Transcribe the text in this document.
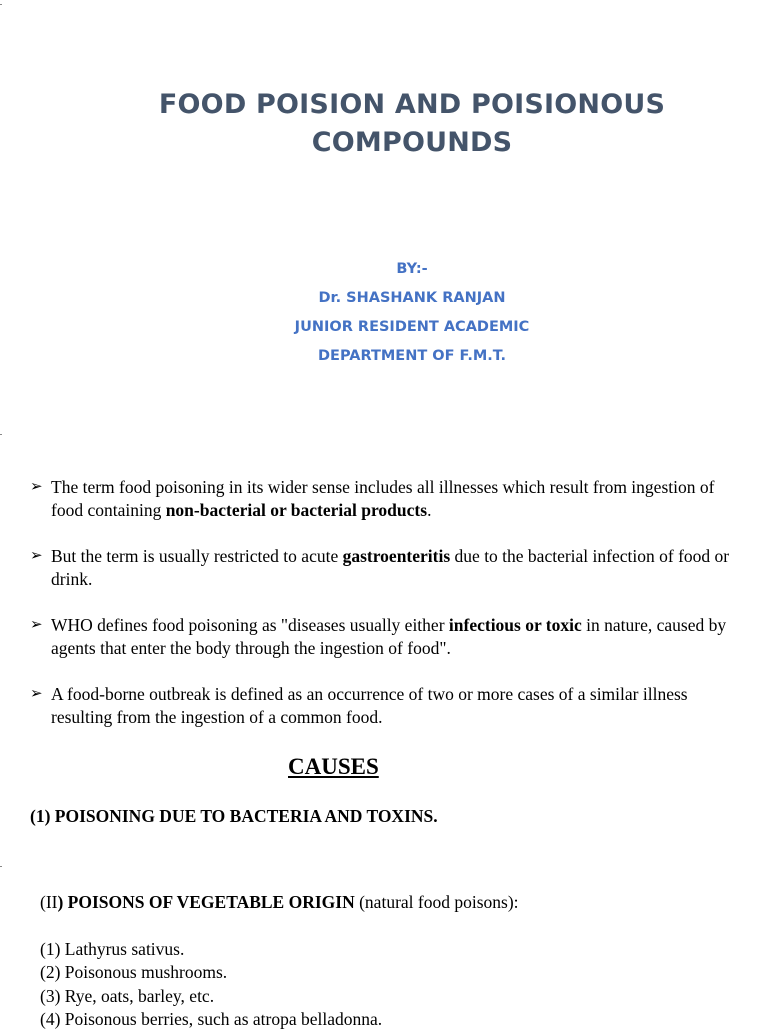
FOOD POISION AND POISIONOUS
COMPOUNDS
BY:-
Dr. SHASHANK RANJAN
JUNIOR RESIDENT ACADEMIC
DEPARTMENT OF F.M.T.
➢ The term food poisoning in its wider sense includes all illnesses which result from ingestion of food containing non-bacterial or bacterial products.
➢ But the term is usually restricted to acute gastroenteritis due to the bacterial infection of food or drink.
➢ WHO defines food poisoning as "diseases usually either infectious or toxic in nature, caused by agents that enter the body through the ingestion of food".
➢ A food-borne outbreak is defined as an occurrence of two or more cases of a similar illness resulting from the ingestion of a common food.
CAUSES
(1) POISONING DUE TO BACTERIA AND TOXINS.
(II) POISONS OF VEGETABLE ORIGIN (natural food poisons):
(1) Lathyrus sativus.
(2) Poisonous mushrooms.
(3) Rye, oats, barley, etc.
(4) Poisonous berries, such as atropa belladonna.
